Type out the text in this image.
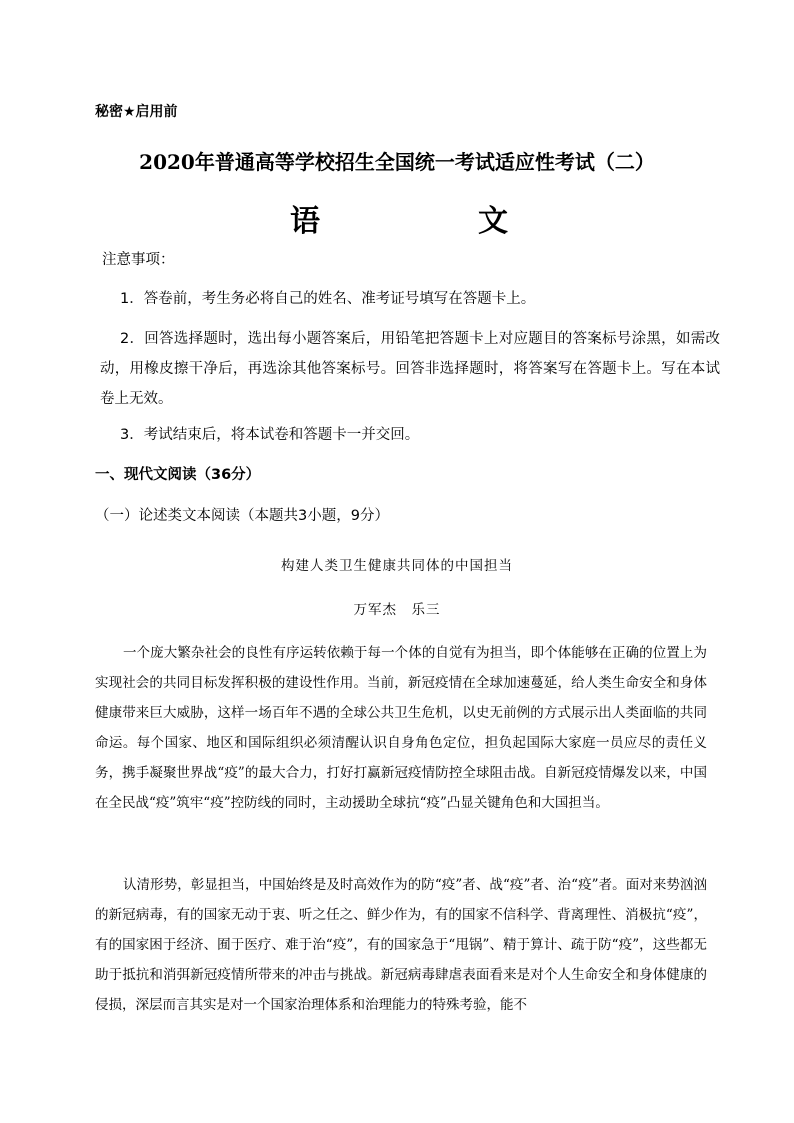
秘密★启用前
2020年普通高等学校招生全国统一考试适应性考试（二）
语	文
注意事项：
1．答卷前，考生务必将自己的姓名、准考证号填写在答题卡上。
2．回答选择题时，选出每小题答案后，用铅笔把答题卡上对应题目的答案标号涂黑，如需改动，用橡皮擦干净后，再选涂其他答案标号。回答非选择题时，将答案写在答题卡上。写在本试卷上无效。
3．考试结束后，将本试卷和答题卡一并交回。
一、现代文阅读（36分）
（一）论述类文本阅读（本题共3小题，9分）
构建人类卫生健康共同体的中国担当
万军杰　乐三
一个庞大繁杂社会的良性有序运转依赖于每一个体的自觉有为担当，即个体能够在正确的位置上为实现社会的共同目标发挥积极的建设性作用。当前，新冠疫情在全球加速蔓延，给人类生命安全和身体健康带来巨大威胁，这样一场百年不遇的全球公共卫生危机，以史无前例的方式展示出人类面临的共同命运。每个国家、地区和国际组织必须清醒认识自身角色定位，担负起国际大家庭一员应尽的责任义务，携手凝聚世界战“疫”的最大合力，打好打赢新冠疫情防控全球阻击战。自新冠疫情爆发以来，中国在全民战“疫”筑牢“疫”控防线的同时，主动援助全球抗“疫”凸显关键角色和大国担当。
认清形势，彰显担当，中国始终是及时高效作为的防“疫”者、战“疫”者、治“疫”者。面对来势汹汹的新冠病毒，有的国家无动于衷、听之任之、鲜少作为，有的国家不信科学、背离理性、消极抗“疫”，有的国家困于经济、囿于医疗、难于治“疫”，有的国家急于“甩锅”、精于算计、疏于防“疫”，这些都无助于抵抗和消弭新冠疫情所带来的冲击与挑战。新冠病毒肆虐表面看来是对个人生命安全和身体健康的侵损，深层而言其实是对一个国家治理体系和治理能力的特殊考验，能不
